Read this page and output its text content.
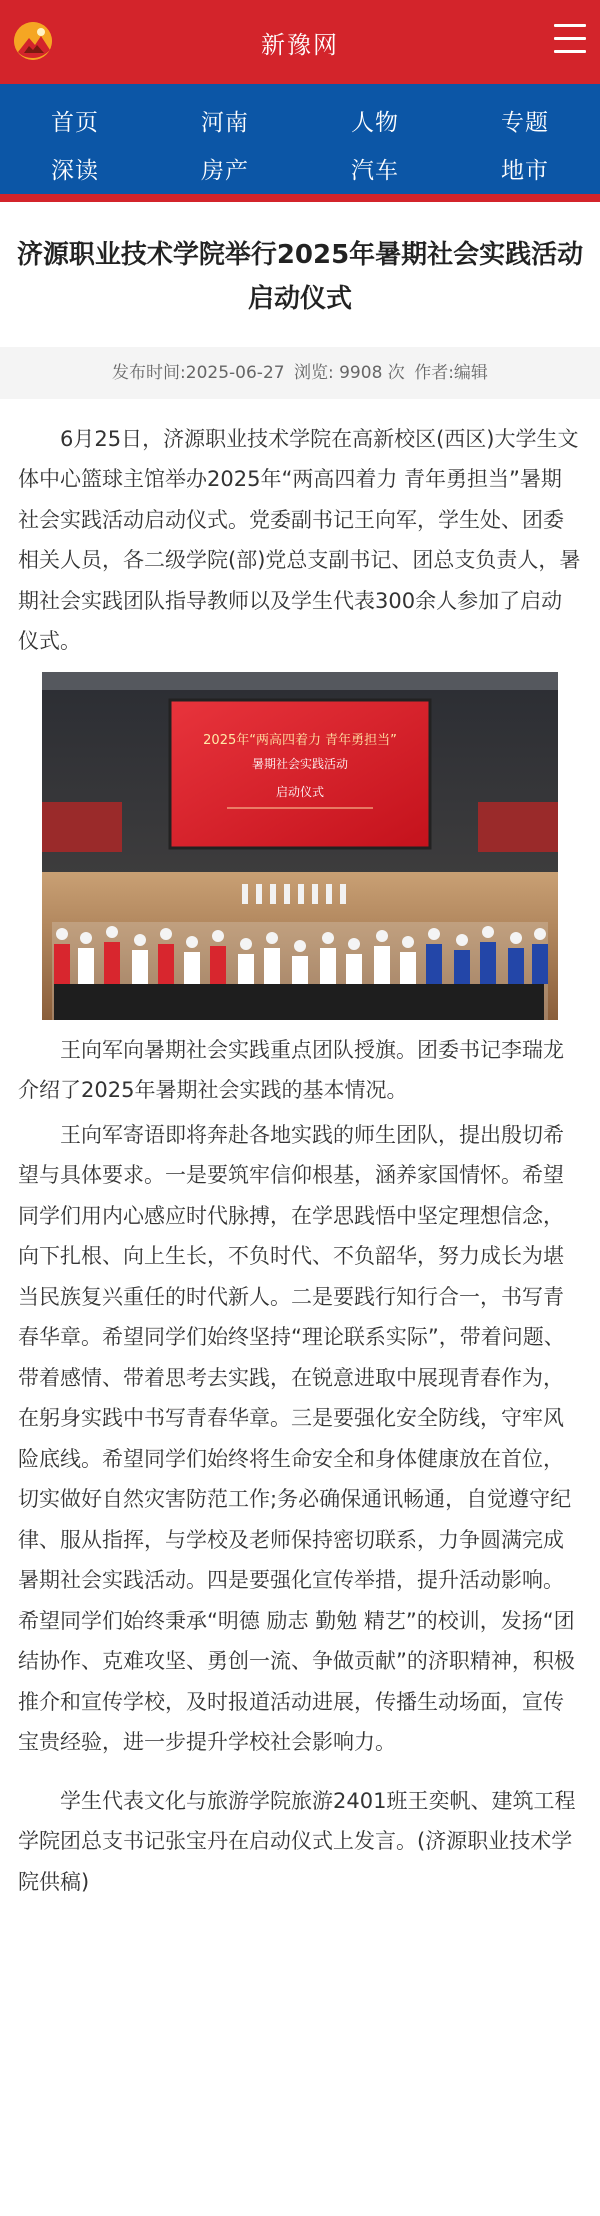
新豫网
首页	河南	人物	专题
深读	房产	汽车	地市
济源职业技术学院举行2025年暑期社会实践活动启动仪式
发布时间:2025-06-27 浏览: 9908 次 作者:编辑

6月25日，济源职业技术学院在高新校区(西区)大学生文体中心篮球主馆举办2025年“两高四着力 青年勇担当”暑期社会实践活动启动仪式。党委副书记王向军，学生处、团委相关人员，各二级学院(部)党总支副书记、团总支负责人，暑期社会实践团队指导教师以及学生代表300余人参加了启动仪式。

2025年“两高四着力 青年勇担当”
暑期社会实践活动
启动仪式

王向军向暑期社会实践重点团队授旗。团委书记李瑞龙介绍了2025年暑期社会实践的基本情况。

王向军寄语即将奔赴各地实践的师生团队，提出殷切希望与具体要求。一是要筑牢信仰根基，涵养家国情怀。希望同学们用内心感应时代脉搏，在学思践悟中坚定理想信念，向下扎根、向上生长，不负时代、不负韶华，努力成长为堪当民族复兴重任的时代新人。二是要践行知行合一，书写青春华章。希望同学们始终坚持“理论联系实际”，带着问题、带着感情、带着思考去实践，在锐意进取中展现青春作为，在躬身实践中书写青春华章。三是要强化安全防线，守牢风险底线。希望同学们始终将生命安全和身体健康放在首位，切实做好自然灾害防范工作;务必确保通讯畅通，自觉遵守纪律、服从指挥，与学校及老师保持密切联系，力争圆满完成暑期社会实践活动。四是要强化宣传举措，提升活动影响。希望同学们始终秉承“明德 励志 勤勉 精艺”的校训，发扬“团结协作、克难攻坚、勇创一流、争做贡献”的济职精神，积极推介和宣传学校，及时报道活动进展，传播生动场面，宣传宝贵经验，进一步提升学校社会影响力。

学生代表文化与旅游学院旅游2401班王奕帆、建筑工程学院团总支书记张宝丹在启动仪式上发言。(济源职业技术学院供稿)
